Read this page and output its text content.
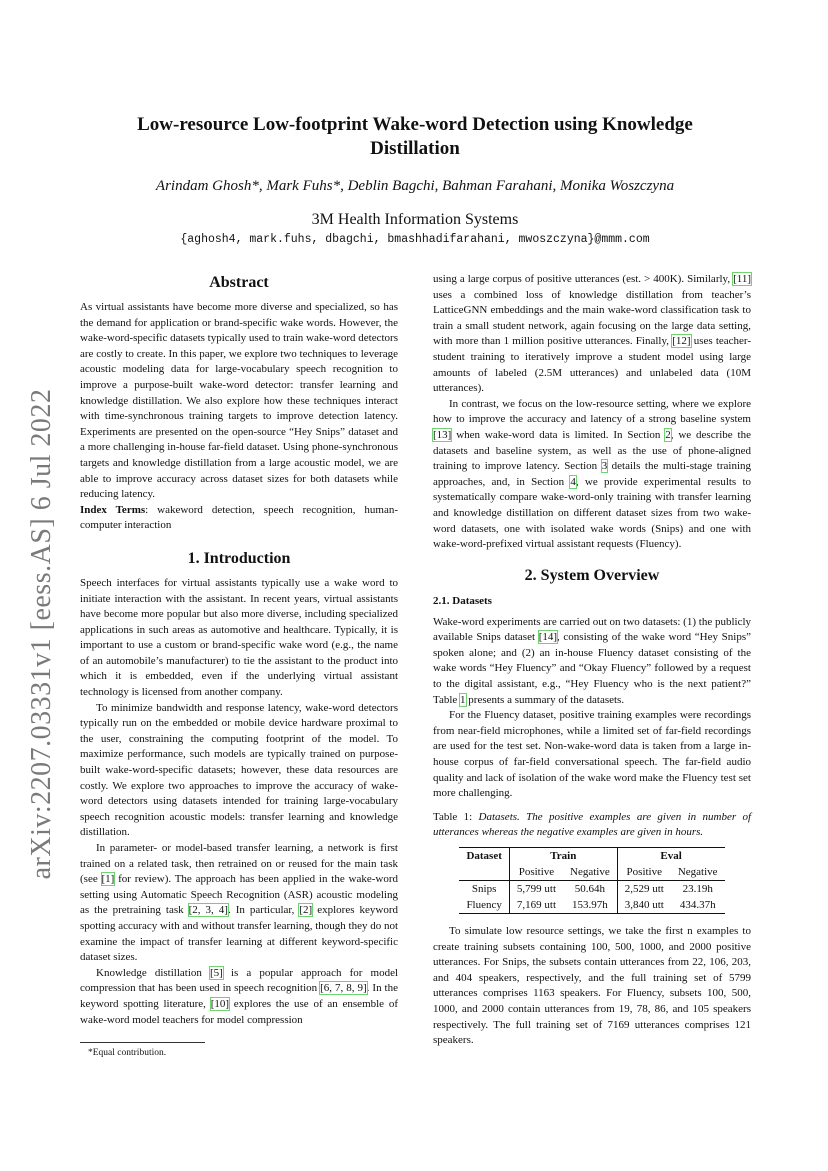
arXiv:2207.03331v1 [eess.AS] 6 Jul 2022
Low-resource Low-footprint Wake-word Detection using Knowledge Distillation
Arindam Ghosh*, Mark Fuhs*, Deblin Bagchi, Bahman Farahani, Monika Woszczyna
3M Health Information Systems
{aghosh4, mark.fuhs, dbagchi, bmashhadifarahani, mwoszczyna}@mmm.com
Abstract

As virtual assistants have become more diverse and specialized, so has the demand for application or brand-specific wake words. However, the wake-word-specific datasets typically used to train wake-word detectors are costly to create. In this paper, we explore two techniques to leverage acoustic modeling data for large-vocabulary speech recognition to improve a purpose-built wake-word detector: transfer learning and knowledge distillation. We also explore how these techniques interact with time-synchronous training targets to improve detection latency. Experiments are presented on the open-source “Hey Snips” dataset and a more challenging in-house far-field dataset. Using phone-synchronous targets and knowledge distillation from a large acoustic model, we are able to improve accuracy across dataset sizes for both datasets while reducing latency.

Index Terms: wakeword detection, speech recognition, human-computer interaction

1. Introduction

Speech interfaces for virtual assistants typically use a wake word to initiate interaction with the assistant. In recent years, virtual assistants have become more popular but also more diverse, including specialized applications in such areas as automotive and healthcare. Typically, it is important to use a custom or brand-specific wake word (e.g., the name of an automobile’s manufacturer) to tie the assistant to the product into which it is embedded, even if the underlying virtual assistant technology is licensed from another company.

To minimize bandwidth and response latency, wake-word detectors typically run on the embedded or mobile device hardware proximal to the user, constraining the computing footprint of the model. To maximize performance, such models are typically trained on purpose-built wake-word-specific datasets; however, these data resources are costly. We explore two approaches to improve the accuracy of wake-word detectors using datasets intended for training large-vocabulary speech recognition acoustic models: transfer learning and knowledge distillation.

In parameter- or model-based transfer learning, a network is first trained on a related task, then retrained on or reused for the main task (see [1] for review). The approach has been applied in the wake-word setting using Automatic Speech Recognition (ASR) acoustic modeling as the pretraining task [2, 3, 4]. In particular, [2] explores keyword spotting accuracy with and without transfer learning, though they do not examine the impact of transfer learning at different keyword-specific dataset sizes.

Knowledge distillation [5] is a popular approach for model compression that has been used in speech recognition [6, 7, 8, 9]. In the keyword spotting literature, [10] explores the use of an ensemble of wake-word model teachers for model compression

*Equal contribution.

using a large corpus of positive utterances (est. > 400K). Similarly, [11] uses a combined loss of knowledge distillation from teacher’s LatticeGNN embeddings and the main wake-word classification task to train a small student network, again focusing on the large data setting, with more than 1 million positive utterances. Finally, [12] uses teacher-student training to iteratively improve a student model using large amounts of labeled (2.5M utterances) and unlabeled data (10M utterances).

In contrast, we focus on the low-resource setting, where we explore how to improve the accuracy and latency of a strong baseline system [13] when wake-word data is limited. In Section 2, we describe the datasets and baseline system, as well as the use of phone-aligned training to improve latency. Section 3 details the multi-stage training approaches, and, in Section 4, we provide experimental results to systematically compare wake-word-only training with transfer learning and knowledge distillation on different dataset sizes from two wake-word datasets, one with isolated wake words (Snips) and one with wake-word-prefixed virtual assistant requests (Fluency).

2. System Overview
2.1. Datasets

Wake-word experiments are carried out on two datasets: (1) the publicly available Snips dataset [14], consisting of the wake word “Hey Snips” spoken alone; and (2) an in-house Fluency dataset consisting of the wake words “Hey Fluency” and “Okay Fluency” followed by a request to the digital assistant, e.g., “Hey Fluency who is the next patient?” Table 1 presents a summary of the datasets.

For the Fluency dataset, positive training examples were recordings from near-field microphones, while a limited set of far-field recordings are used for the test set. Non-wake-word data is taken from a large in-house corpus of far-field conversational speech. The far-field audio quality and lack of isolation of the wake word make the Fluency test set more challenging.

Table 1: Datasets. The positive examples are given in number of utterances whereas the negative examples are given in hours.

Dataset	Train		Eval	
	Positive	Negative	Positive	Negative
Snips	5,799 utt	50.64h	2,529 utt	23.19h
Fluency	7,169 utt	153.97h	3,840 utt	434.37h

To simulate low resource settings, we take the first n examples to create training subsets containing 100, 500, 1000, and 2000 positive utterances. For Snips, the subsets contain utterances from 22, 106, 203, and 404 speakers, respectively, and the full training set of 5799 utterances comprises 1163 speakers. For Fluency, subsets 100, 500, 1000, and 2000 contain utterances from 19, 78, 86, and 105 speakers respectively. The full training set of 7169 utterances comprises 121 speakers.
